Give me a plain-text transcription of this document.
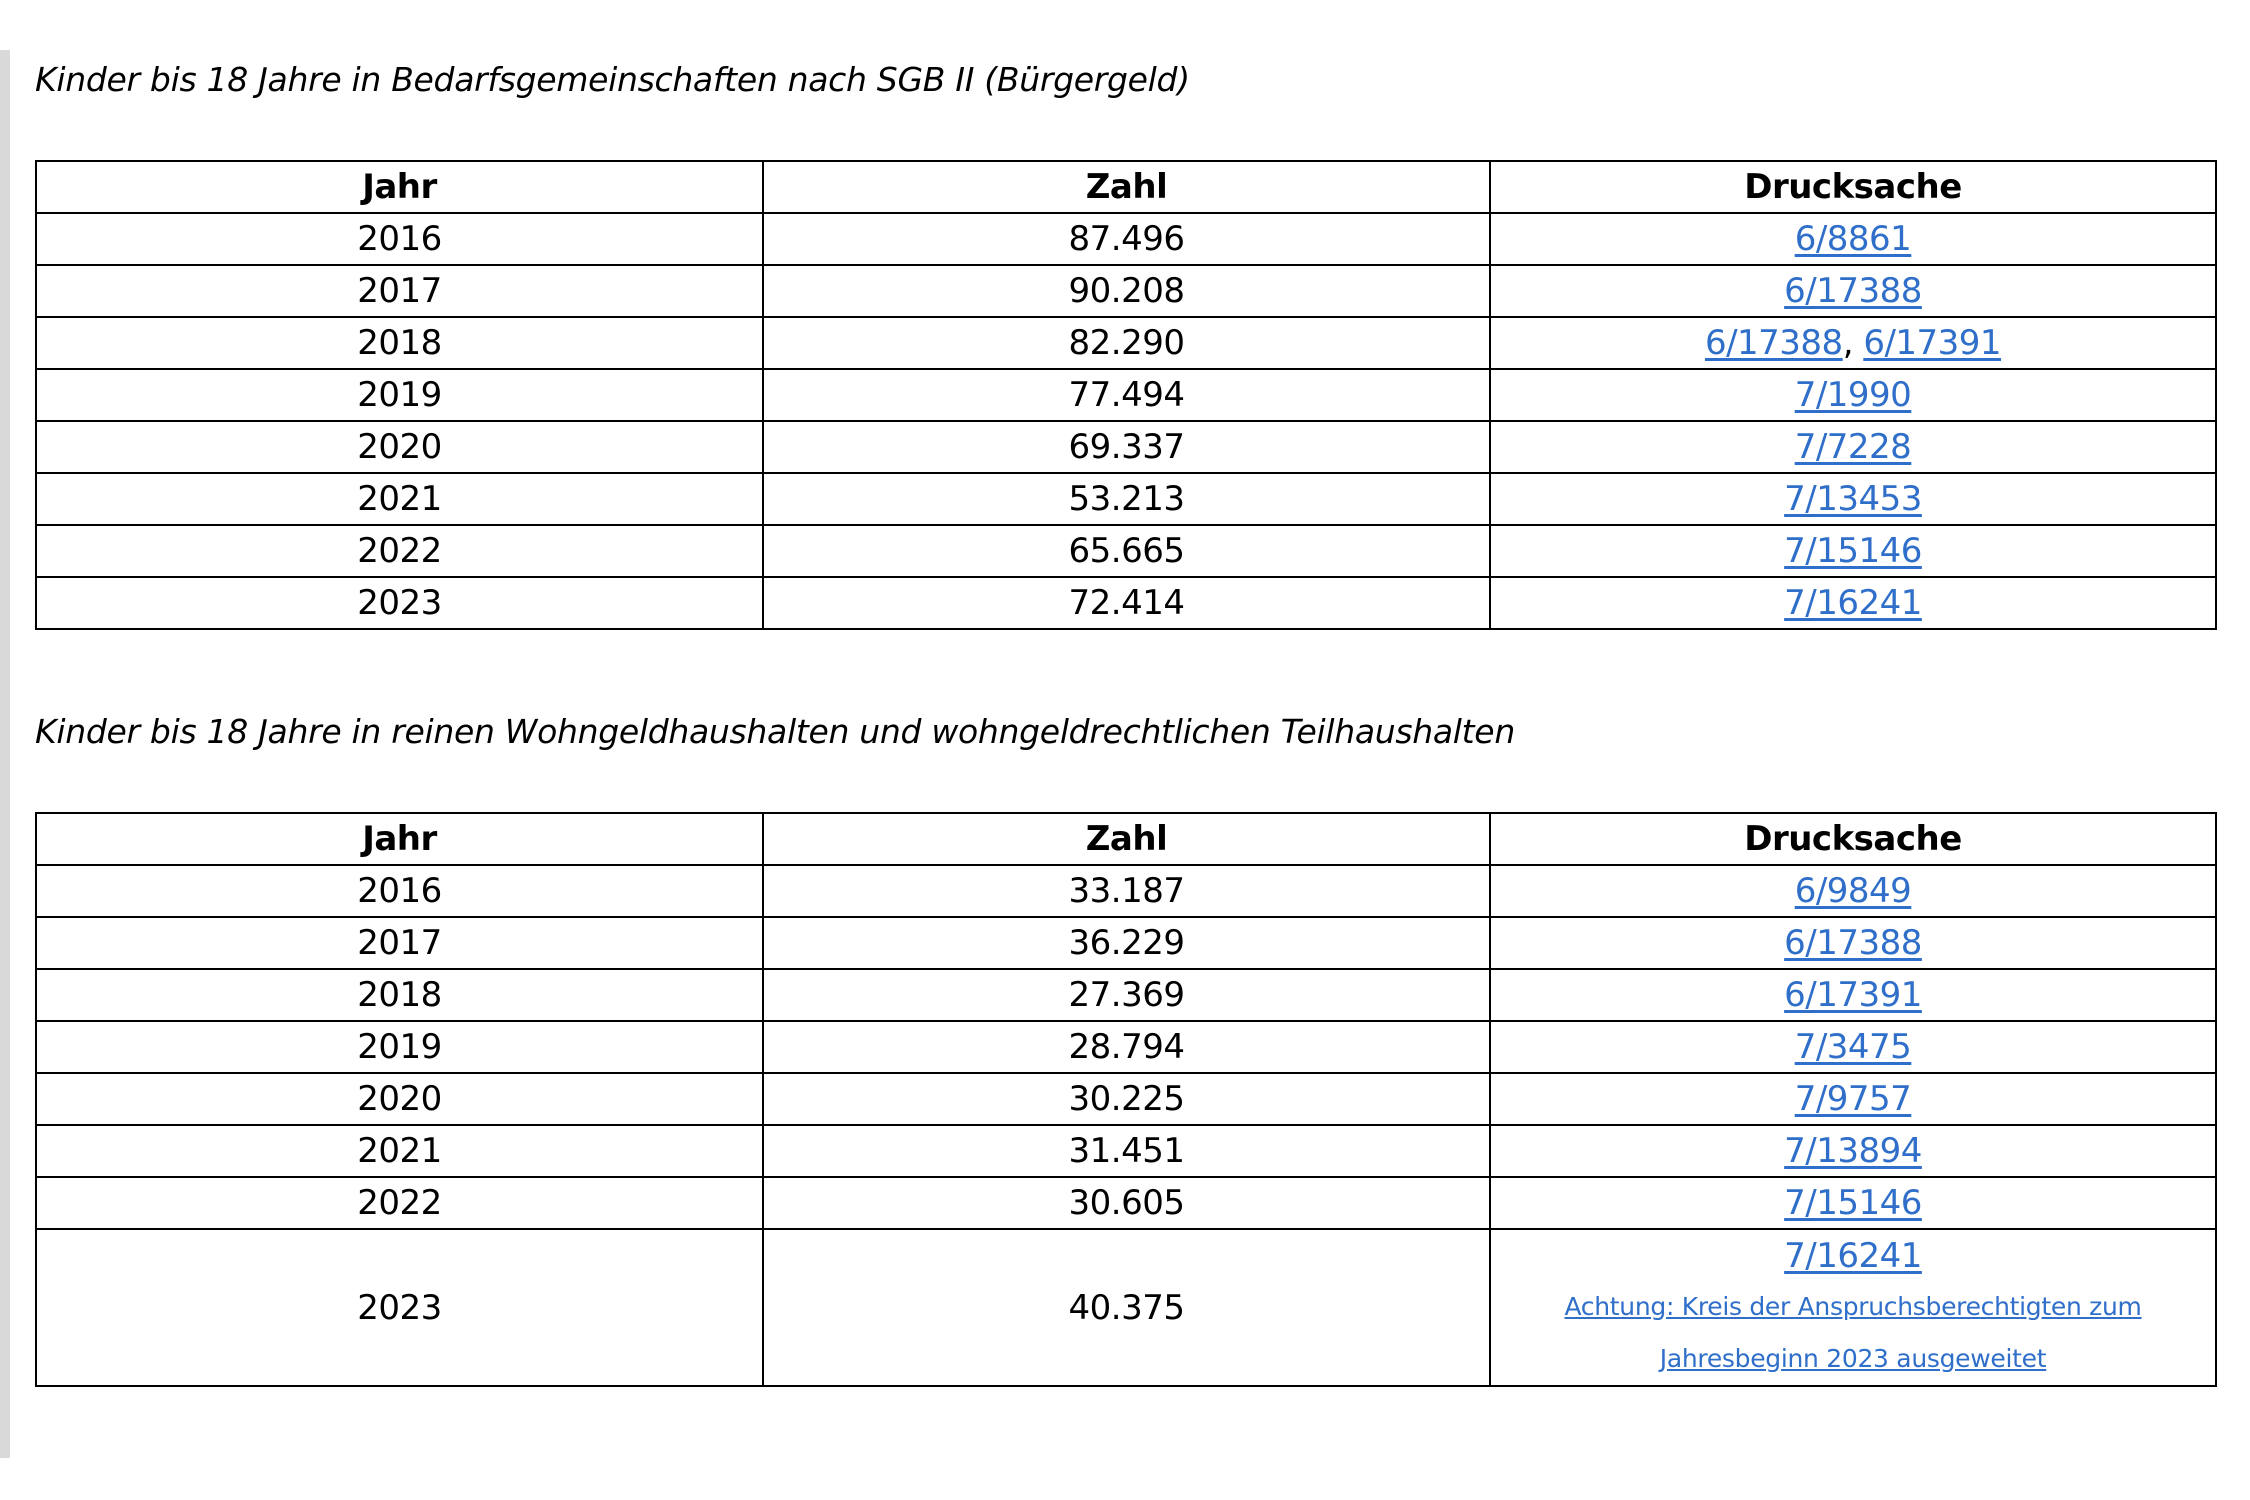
Kinder bis 18 Jahre in Bedarfsgemeinschaften nach SGB II (Bürgergeld)
Jahr	Zahl	Drucksache
2016	87.496	6/8861
2017	90.208	6/17388
2018	82.290	6/17388, 6/17391
2019	77.494	7/1990
2020	69.337	7/7228
2021	53.213	7/13453
2022	65.665	7/15146
2023	72.414	7/16241
Kinder bis 18 Jahre in reinen Wohngeldhaushalten und wohngeldrechtlichen Teilhaushalten
Jahr	Zahl	Drucksache
2016	33.187	6/9849
2017	36.229	6/17388
2018	27.369	6/17391
2019	28.794	7/3475
2020	30.225	7/9757
2021	31.451	7/13894
2022	30.605	7/15146
2023	40.375	7/16241
Achtung: Kreis der Anspruchsberechtigten zum
Jahresbeginn 2023 ausgeweitet
